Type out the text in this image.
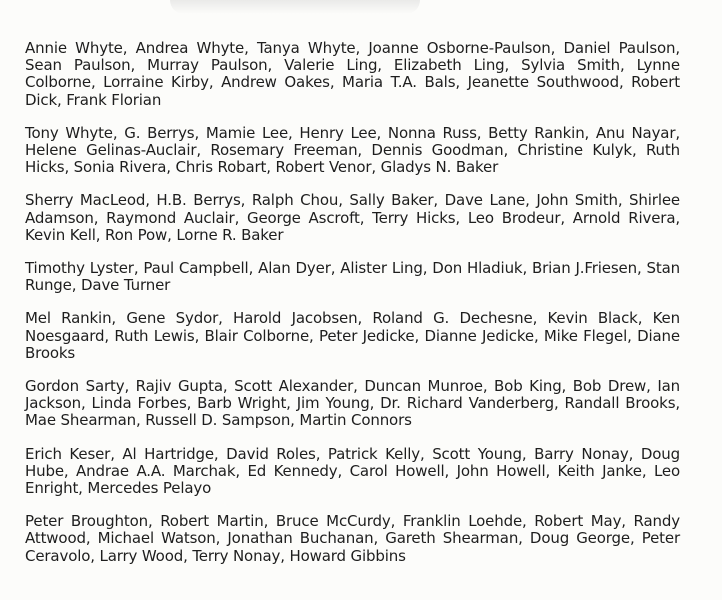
Annie Whyte, Andrea Whyte, Tanya Whyte, Joanne Osborne-Paulson, Daniel Paulson, Sean Paulson, Murray Paulson, Valerie Ling, Elizabeth Ling, Sylvia Smith, Lynne Colborne, Lorraine Kirby, Andrew Oakes, Maria T.A. Bals, Jeanette Southwood, Robert Dick, Frank Florian

Tony Whyte, G. Berrys, Mamie Lee, Henry Lee, Nonna Russ, Betty Rankin, Anu Nayar, Helene Gelinas-Auclair, Rosemary Freeman, Dennis Goodman, Christine Kulyk, Ruth Hicks, Sonia Rivera, Chris Robart, Robert Venor, Gladys N. Baker

Sherry MacLeod, H.B. Berrys, Ralph Chou, Sally Baker, Dave Lane, John Smith, Shirlee Adamson, Raymond Auclair, George Ascroft, Terry Hicks, Leo Brodeur, Arnold Rivera, Kevin Kell, Ron Pow, Lorne R. Baker

Timothy Lyster, Paul Campbell, Alan Dyer, Alister Ling, Don Hladiuk, Brian J.Friesen, Stan Runge, Dave Turner

Mel Rankin, Gene Sydor, Harold Jacobsen, Roland G. Dechesne, Kevin Black, Ken Noesgaard, Ruth Lewis, Blair Colborne, Peter Jedicke, Dianne Jedicke, Mike Flegel, Diane Brooks

Gordon Sarty, Rajiv Gupta, Scott Alexander, Duncan Munroe, Bob King, Bob Drew, Ian Jackson, Linda Forbes, Barb Wright, Jim Young, Dr. Richard Vanderberg, Randall Brooks, Mae Shearman, Russell D. Sampson, Martin Connors

Erich Keser, Al Hartridge, David Roles, Patrick Kelly, Scott Young, Barry Nonay, Doug Hube, Andrae A.A. Marchak, Ed Kennedy, Carol Howell, John Howell, Keith Janke, Leo Enright, Mercedes Pelayo

Peter Broughton, Robert Martin, Bruce McCurdy, Franklin Loehde, Robert May, Randy Attwood, Michael Watson, Jonathan Buchanan, Gareth Shearman, Doug George, Peter Ceravolo, Larry Wood, Terry Nonay, Howard Gibbins
